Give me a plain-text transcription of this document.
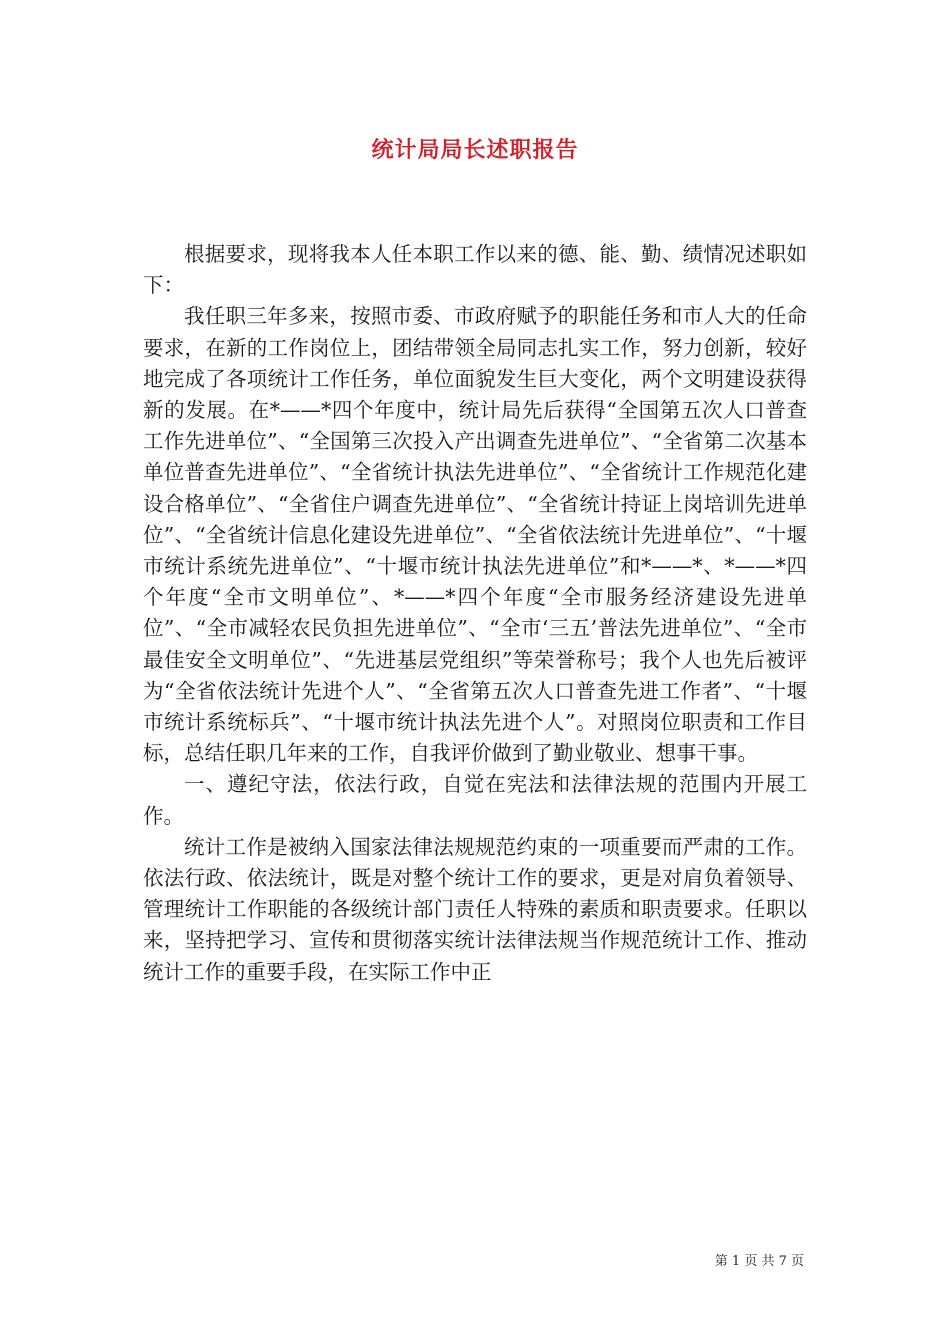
统计局局长述职报告

根据要求，现将我本人任本职工作以来的德、能、勤、绩情况述职如下：

我任职三年多来，按照市委、市政府赋予的职能任务和市人大的任命要求，在新的工作岗位上，团结带领全局同志扎实工作，努力创新，较好地完成了各项统计工作任务，单位面貌发生巨大变化，两个文明建设获得新的发展。在*——*四个年度中，统计局先后获得“全国第五次人口普查工作先进单位”、“全国第三次投入产出调查先进单位”、“全省第二次基本单位普查先进单位”、“全省统计执法先进单位”、“全省统计工作规范化建设合格单位”、“全省住户调查先进单位”、“全省统计持证上岗培训先进单位”、“全省统计信息化建设先进单位”、“全省依法统计先进单位”、“十堰市统计系统先进单位”、“十堰市统计执法先进单位”和*——*、*——*四个年度“全市文明单位”、*——*四个年度“全市服务经济建设先进单位”、“全市减轻农民负担先进单位”、“全市‘三五’普法先进单位”、“全市最佳安全文明单位”、“先进基层党组织”等荣誉称号；我个人也先后被评为“全省依法统计先进个人”、“全省第五次人口普查先进工作者”、“十堰市统计系统标兵”、“十堰市统计执法先进个人”。对照岗位职责和工作目标，总结任职几年来的工作，自我评价做到了勤业敬业、想事干事。

一、遵纪守法，依法行政，自觉在宪法和法律法规的范围内开展工作。

统计工作是被纳入国家法律法规规范约束的一项重要而严肃的工作。依法行政、依法统计，既是对整个统计工作的要求，更是对肩负着领导、管理统计工作职能的各级统计部门责任人特殊的素质和职责要求。任职以来，坚持把学习、宣传和贯彻落实统计法律法规当作规范统计工作、推动统计工作的重要手段，在实际工作中正

第 1 页 共 7 页
